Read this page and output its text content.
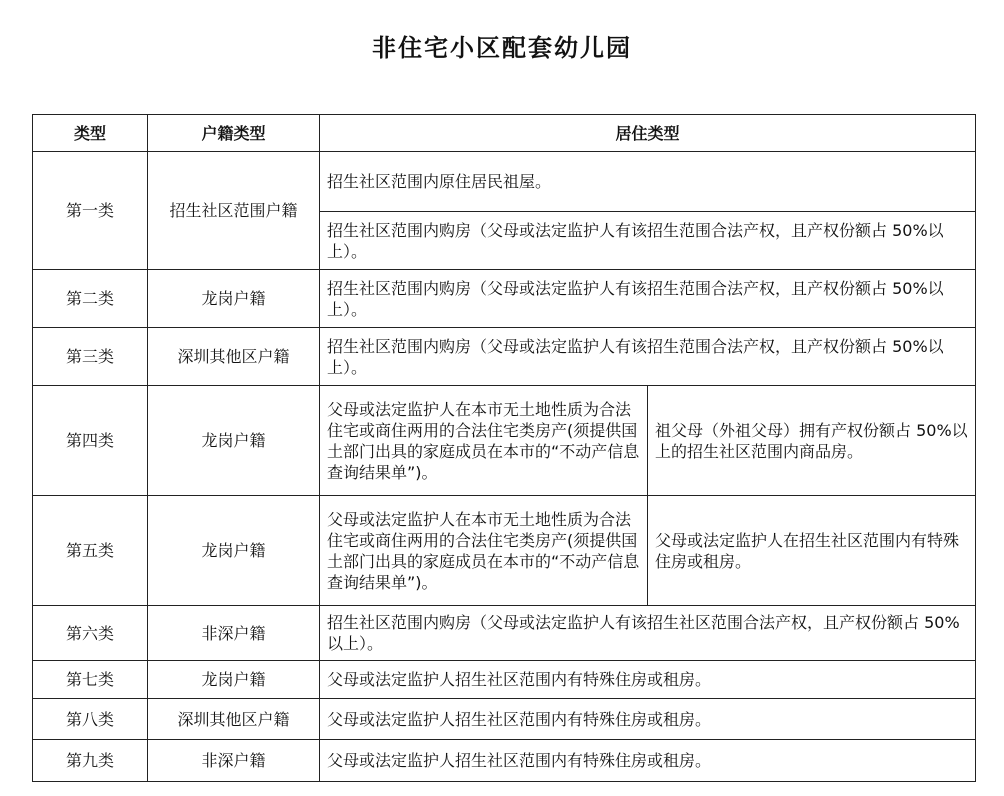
非住宅小区配套幼儿园
类型	户籍类型	居住类型	
第一类	招生社区范围户籍	招生社区范围内原住居民祖屋。	
		招生社区范围内购房（父母或法定监护人有该招生范围合法产权，且产权份额占 50%以上）。	
第二类	龙岗户籍	招生社区范围内购房（父母或法定监护人有该招生范围合法产权，且产权份额占 50%以上）。	
第三类	深圳其他区户籍	招生社区范围内购房（父母或法定监护人有该招生范围合法产权，且产权份额占 50%以上）。	
第四类	龙岗户籍	父母或法定监护人在本市无土地性质为合法住宅或商住两用的合法住宅类房产(须提供国土部门出具的家庭成员在本市的“不动产信息查询结果单”)。	祖父母（外祖父母）拥有产权份额占 50%以上的招生社区范围内商品房。
第五类	龙岗户籍	父母或法定监护人在本市无土地性质为合法住宅或商住两用的合法住宅类房产(须提供国土部门出具的家庭成员在本市的“不动产信息查询结果单”)。	父母或法定监护人在招生社区范围内有特殊住房或租房。
第六类	非深户籍	招生社区范围内购房（父母或法定监护人有该招生社区范围合法产权，且产权份额占 50%以上）。	
第七类	龙岗户籍	父母或法定监护人招生社区范围内有特殊住房或租房。	
第八类	深圳其他区户籍	父母或法定监护人招生社区范围内有特殊住房或租房。	
第九类	非深户籍	父母或法定监护人招生社区范围内有特殊住房或租房。	
